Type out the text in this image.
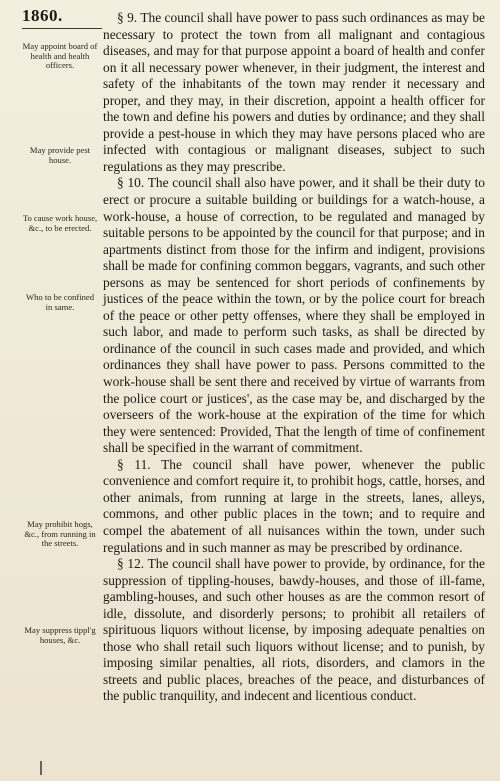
1860.
May appoint board of health and health officers.
May provide pest house.
To cause work house, &c., to be erected.
Who to be confined in same.
May prohibit hogs, &c., from running in the streets.
May suppress tippl'g houses, &c.

§ 9. The council shall have power to pass such ordinances as may be necessary to protect the town from all malignant and contagious diseases, and may for that purpose appoint a board of health and confer on it all necessary power whenever, in their judgment, the interest and safety of the inhabitants of the town may render it necessary and proper, and they may, in their discretion, appoint a health officer for the town and define his powers and duties by ordinance; and they shall provide a pest-house in which they may have persons placed who are infected with contagious or malignant diseases, subject to such regulations as they may prescribe.

§ 10. The council shall also have power, and it shall be their duty to erect or procure a suitable building or buildings for a watch-house, a work-house, a house of correction, to be regulated and managed by suitable persons to be appointed by the council for that purpose; and in apartments distinct from those for the infirm and indigent, provisions shall be made for confining common beggars, vagrants, and such other persons as may be sentenced for short periods of confinements by justices of the peace within the town, or by the police court for breach of the peace or other petty offenses, where they shall be employed in such labor, and made to perform such tasks, as shall be directed by ordinance of the council in such cases made and provided, and which ordinances they shall have power to pass. Persons committed to the work-house shall be sent there and received by virtue of warrants from the police court or justices', as the case may be, and discharged by the overseers of the work-house at the expiration of the time for which they were sentenced: Provided, That the length of time of confinement shall be specified in the warrant of commitment.

§ 11. The council shall have power, whenever the public convenience and comfort require it, to prohibit hogs, cattle, horses, and other animals, from running at large in the streets, lanes, alleys, commons, and other public places in the town; and to require and compel the abatement of all nuisances within the town, under such regulations and in such manner as may be prescribed by ordinance.

§ 12. The council shall have power to provide, by ordinance, for the suppression of tippling-houses, bawdy-houses, and those of ill-fame, gambling-houses, and such other houses as are the common resort of idle, dissolute, and disorderly persons; to prohibit all retailers of spirituous liquors without license, by imposing adequate penalties on those who shall retail such liquors without license; and to punish, by imposing similar penalties, all riots, disorders, and clamors in the streets and public places, breaches of the peace, and disturbances of the public tranquility, and indecent and licentious conduct.
